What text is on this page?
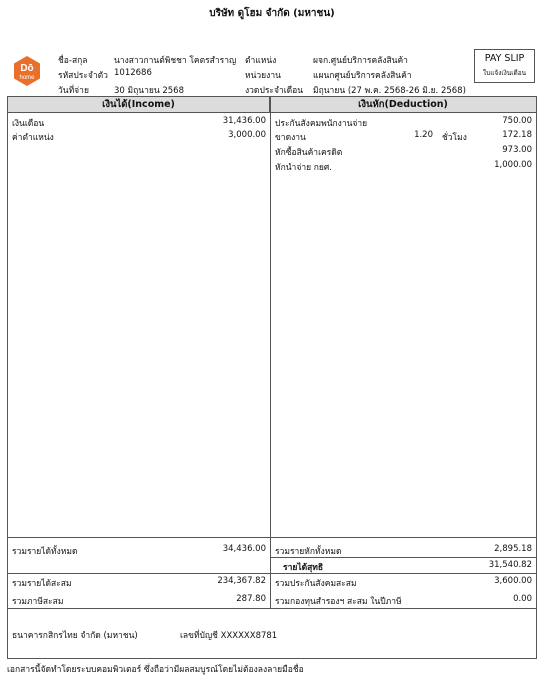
บริษัท ดูโฮม จำกัด (มหาชน)
Dō
home
ชื่อ-สกุล	นางสาวกานต์พิชชา โคตรสำราญ
รหัสประจำตัว 1012686
วันที่จ่าย	30 มิถุนายน 2568
ตำแหน่ง	ผจก.ศูนย์บริการคลังสินค้า
หน่วยงาน	แผนกศูนย์บริการคลังสินค้า
งวดประจำเดือน มิถุนายน (27 พ.ค. 2568-26 มิ.ย. 2568)
PAY SLIP
ใบแจ้งเงินเดือน
เงินได้(Income)	เงินหัก(Deduction)
เงินเดือน	31,436.00
ค่าตำแหน่ง	3,000.00
ประกันสังคมพนักงานจ่าย	750.00
ขาดงาน	1.20 ชั่วโมง	172.18
หักซื้อสินค้าเครดิต	973.00
หักนำจ่าย กยศ.	1,000.00
รวมรายได้ทั้งหมด	34,436.00 รวมรายหักทั้งหมด	2,895.18
รายได้สุทธิ	31,540.82
รวมรายได้สะสม	234,367.82 รวมประกันสังคมสะสม	3,600.00
รวมภาษีสะสม	287.80 รวมกองทุนสำรองฯ สะสม ในปีภาษี	0.00
ธนาคารกสิกรไทย จำกัด (มหาชน)	เลขที่บัญชี XXXXXX8781
เอกสารนี้จัดทำโดยระบบคอมพิวเตอร์ ซึ่งถือว่ามีผลสมบูรณ์โดยไม่ต้องลงลายมือชื่อ
